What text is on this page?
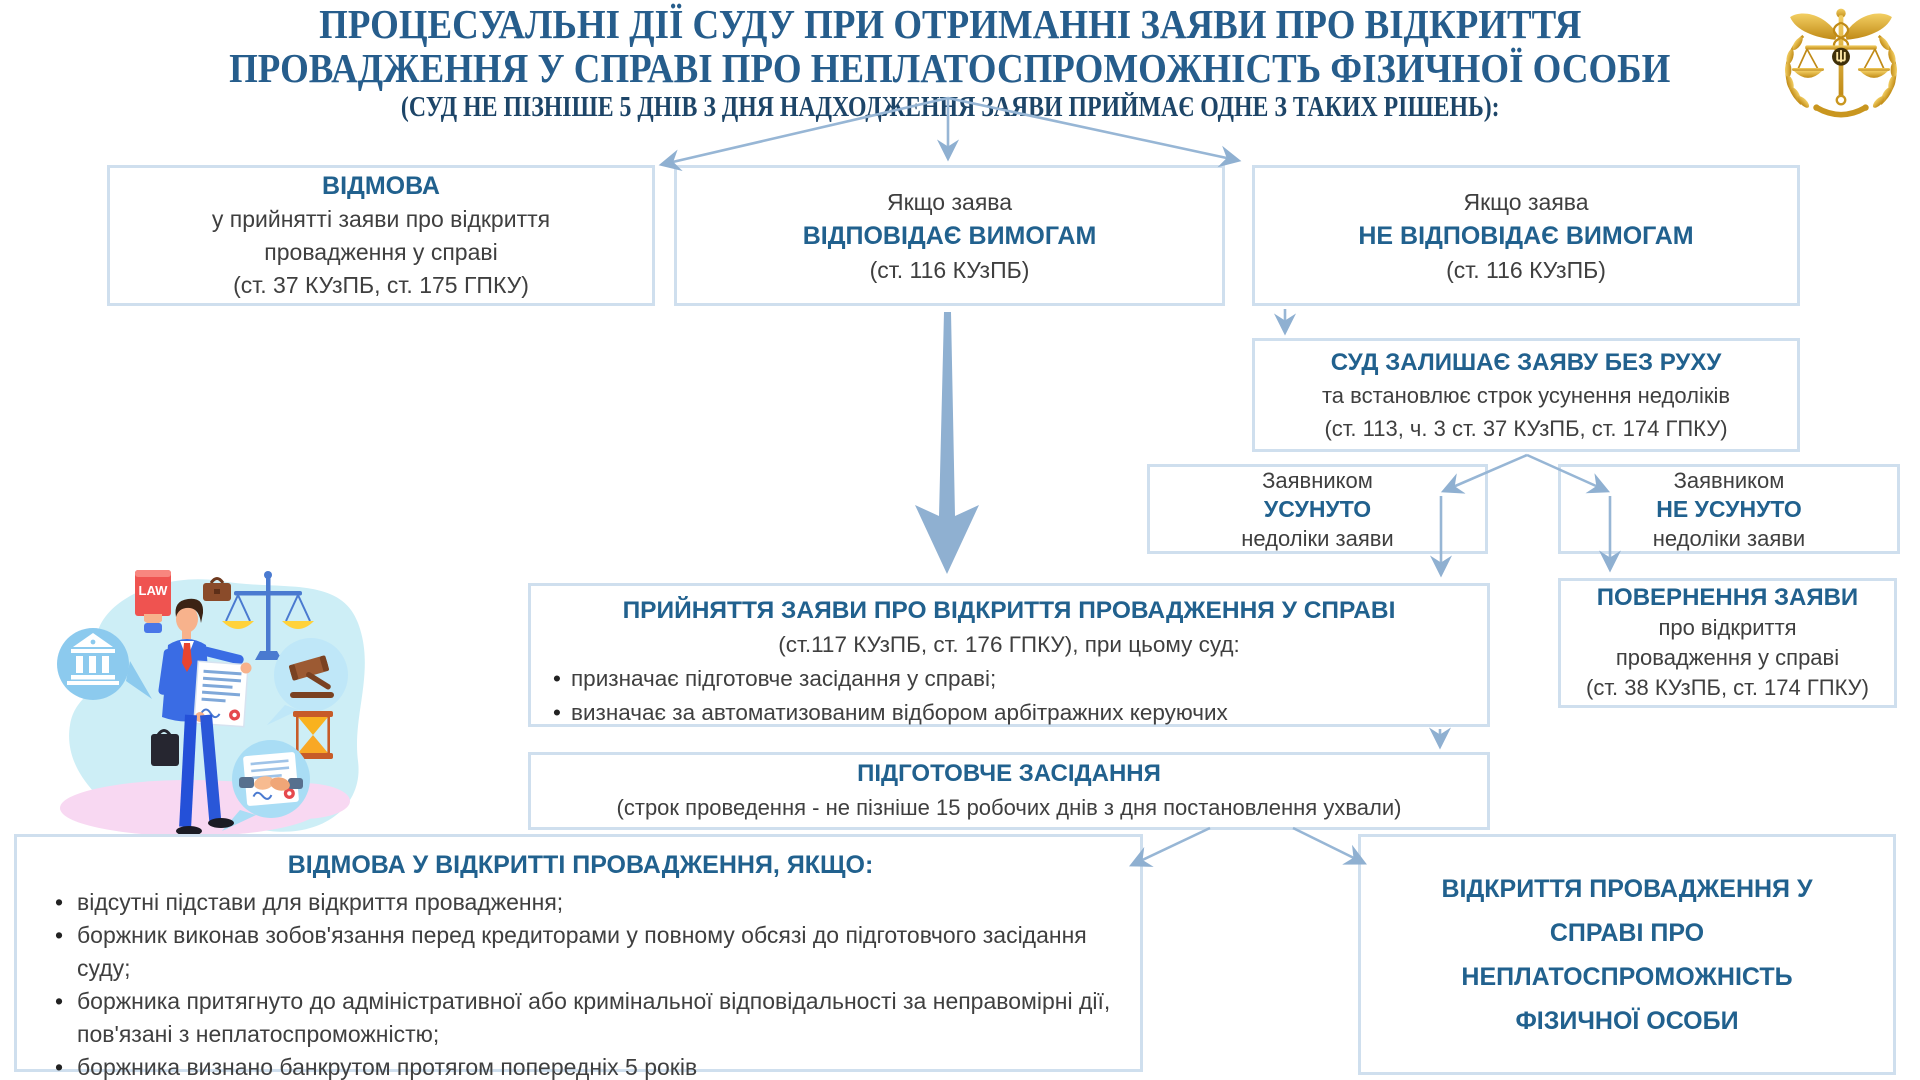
ПРОЦЕСУАЛЬНІ ДІЇ СУДУ ПРИ ОТРИМАННІ ЗАЯВИ ПРО ВІДКРИТТЯ
ПРОВАДЖЕННЯ У СПРАВІ ПРО НЕПЛАТОСПРОМОЖНІСТЬ ФІЗИЧНОЇ ОСОБИ
(СУД НЕ ПІЗНІШЕ 5 ДНІВ З ДНЯ НАДХОДЖЕННЯ ЗАЯВИ ПРИЙМАЄ ОДНЕ З ТАКИХ РІШЕНЬ):
LAW
ВІДМОВА
у прийнятті заяви про відкриття
провадження у справі
(ст. 37 КУзПБ, ст. 175 ГПКУ)
Якщо заява
ВІДПОВІДАЄ ВИМОГАМ
(ст. 116 КУзПБ)
Якщо заява
НЕ ВІДПОВІДАЄ ВИМОГАМ
(ст. 116 КУзПБ)
СУД ЗАЛИШАЄ ЗАЯВУ БЕЗ РУХУ
та встановлює строк усунення недоліків
(ст. 113, ч. 3 ст. 37 КУзПБ, ст. 174 ГПКУ)
Заявником
УСУНУТО
недоліки заяви
Заявником
НЕ УСУНУТО
недоліки заяви
ПРИЙНЯТТЯ ЗАЯВИ ПРО ВІДКРИТТЯ ПРОВАДЖЕННЯ У СПРАВІ
(ст.117 КУзПБ, ст. 176 ГПКУ), при цьому суд:
• призначає підготовче засідання у справі;
• визначає за автоматизованим відбором арбітражних керуючих
ПОВЕРНЕННЯ ЗАЯВИ
про відкриття
провадження у справі
(ст. 38 КУзПБ, ст. 174 ГПКУ)
ПІДГОТОВЧЕ ЗАСІДАННЯ
(строк проведення - не пізніше 15 робочих днів з дня постановлення ухвали)
ВІДМОВА У ВІДКРИТТІ ПРОВАДЖЕННЯ, ЯКЩО:
• відсутні підстави для відкриття провадження;
• боржник виконав зобов'язання перед кредиторами у повному обсязі до підготовчого засідання суду;
• боржника притягнуто до адміністративної або кримінальної відповідальності за неправомірні дії, пов'язані з неплатоспроможністю;
• боржника визнано банкрутом протягом попередніх 5 років
ВІДКРИТТЯ ПРОВАДЖЕННЯ У
СПРАВІ ПРО
НЕПЛАТОСПРОМОЖНІСТЬ
ФІЗИЧНОЇ ОСОБИ
